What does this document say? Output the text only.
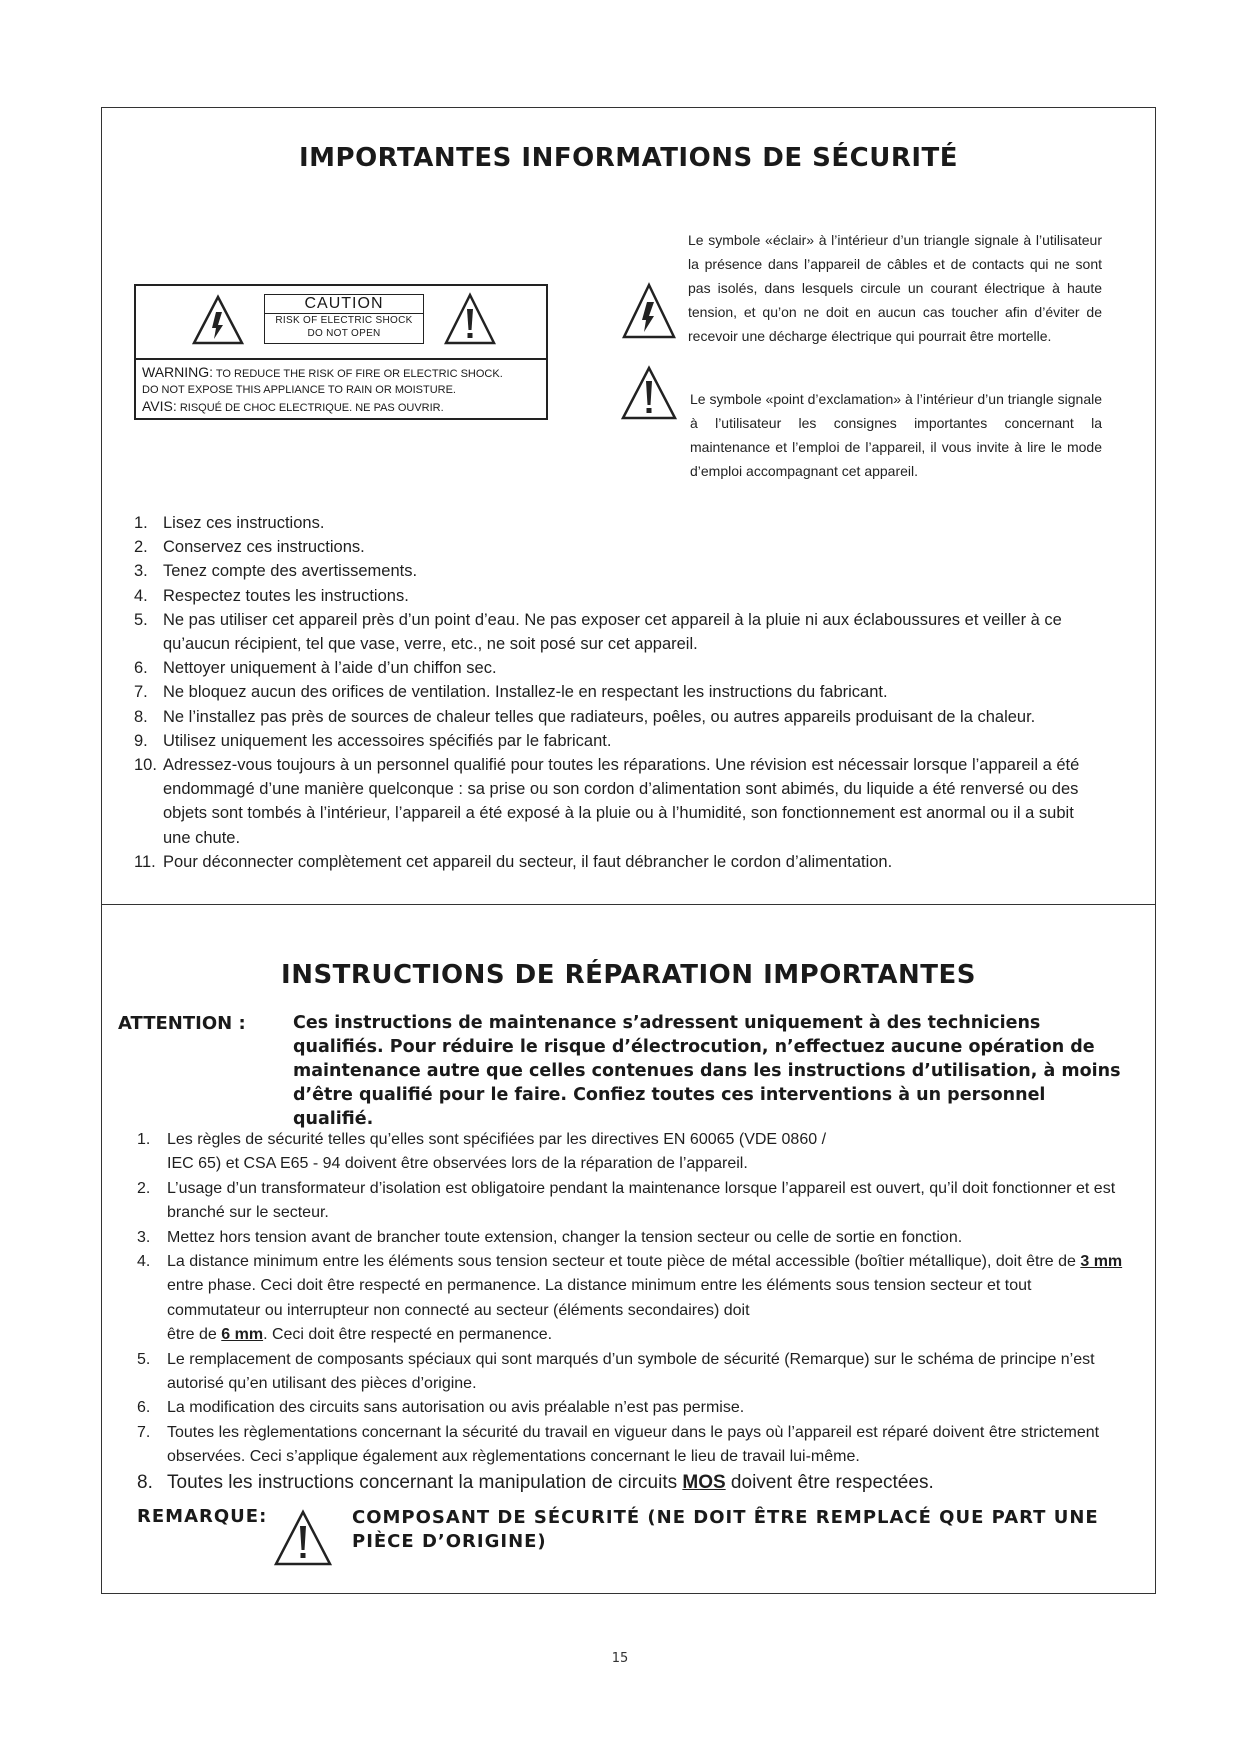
IMPORTANTES INFORMATIONS DE SÉCURITÉ
CAUTION
RISK OF ELECTRIC SHOCK
DO NOT OPEN
WARNING: TO REDUCE THE RISK OF FIRE OR ELECTRIC SHOCK.
DO NOT EXPOSE THIS APPLIANCE TO RAIN OR MOISTURE.
AVIS: RISQUÉ DE CHOC ELECTRIQUE. NE PAS OUVRIR.
Le symbole «éclair» à l’intérieur d’un triangle signale à l’utilisateur la présence dans l’appareil de câbles et de contacts qui ne sont pas isolés, dans lesquels circule un courant électrique à haute tension, et qu’on ne doit en aucun cas toucher afin d’éviter de recevoir une décharge électrique qui pourrait être mortelle.
Le symbole «point d’exclamation» à l’intérieur d’un triangle signale à l’utilisateur les consignes importantes concernant la maintenance et l’emploi de l’appareil, il vous invite à lire le mode d’emploi accompagnant cet appareil.
1. Lisez ces instructions.
2. Conservez ces instructions.
3. Tenez compte des avertissements.
4. Respectez toutes les instructions.
5. Ne pas utiliser cet appareil près d’un point d’eau. Ne pas exposer cet appareil à la pluie ni aux éclaboussures et veiller à ce qu’aucun récipient, tel que vase, verre, etc., ne soit posé sur cet appareil.
6. Nettoyer uniquement à l’aide d’un chiffon sec.
7. Ne bloquez aucun des orifices de ventilation. Installez-le en respectant les instructions du fabricant.
8. Ne l’installez pas près de sources de chaleur telles que radiateurs, poêles, ou autres appareils produisant de la chaleur.
9. Utilisez uniquement les accessoires spécifiés par le fabricant.
10. Adressez-vous toujours à un personnel qualifié pour toutes les réparations. Une révision est nécessair lorsque l’appareil a été endommagé d’une manière quelconque : sa prise ou son cordon d’alimentation sont abimés, du liquide a été renversé ou des objets sont tombés à l’intérieur, l’appareil a été exposé à la pluie ou à l’humidité, son fonctionnement est anormal ou il a subit une chute.
11. Pour déconnecter complètement cet appareil du secteur, il faut débrancher le cordon d’alimentation.
INSTRUCTIONS DE RÉPARATION IMPORTANTES
ATTENTION :	Ces instructions de maintenance s’adressent uniquement à des techniciens qualifiés. Pour réduire le risque d’électrocution, n’effectuez aucune opération de maintenance autre que celles contenues dans les instructions d’utilisation, à moins d’être qualifié pour le faire. Confiez toutes ces interventions à un personnel qualifié.
1. Les règles de sécurité telles qu’elles sont spécifiées par les directives EN 60065 (VDE 0860 /
IEC 65) et CSA E65 - 94 doivent être observées lors de la réparation de l’appareil.
2. L’usage d’un transformateur d’isolation est obligatoire pendant la maintenance lorsque l’appareil est ouvert, qu’il doit fonctionner et est branché sur le secteur.
3. Mettez hors tension avant de brancher toute extension, changer la tension secteur ou celle de sortie en fonction.
4. La distance minimum entre les éléments sous tension secteur et toute pièce de métal accessible (boîtier métallique), doit être de 3 mm entre phase. Ceci doit être respecté en permanence. La distance minimum entre les éléments sous tension secteur et tout commutateur ou interrupteur non connecté au secteur (éléments secondaires) doit
être de 6 mm. Ceci doit être respecté en permanence.
5. Le remplacement de composants spéciaux qui sont marqués d’un symbole de sécurité (Remarque) sur le schéma de principe n’est autorisé qu’en utilisant des pièces d’origine.
6. La modification des circuits sans autorisation ou avis préalable n’est pas permise.
7. Toutes les règlementations concernant la sécurité du travail en vigueur dans le pays où l’appareil est réparé doivent être strictement observées. Ceci s’applique également aux règlementations concernant le lieu de travail lui-même.
8. Toutes les instructions concernant la manipulation de circuits MOS doivent être respectées.
REMARQUE:	COMPOSANT DE SÉCURITÉ (NE DOIT ÊTRE REMPLACÉ QUE PART UNE PIÈCE D’ORIGINE)
15
